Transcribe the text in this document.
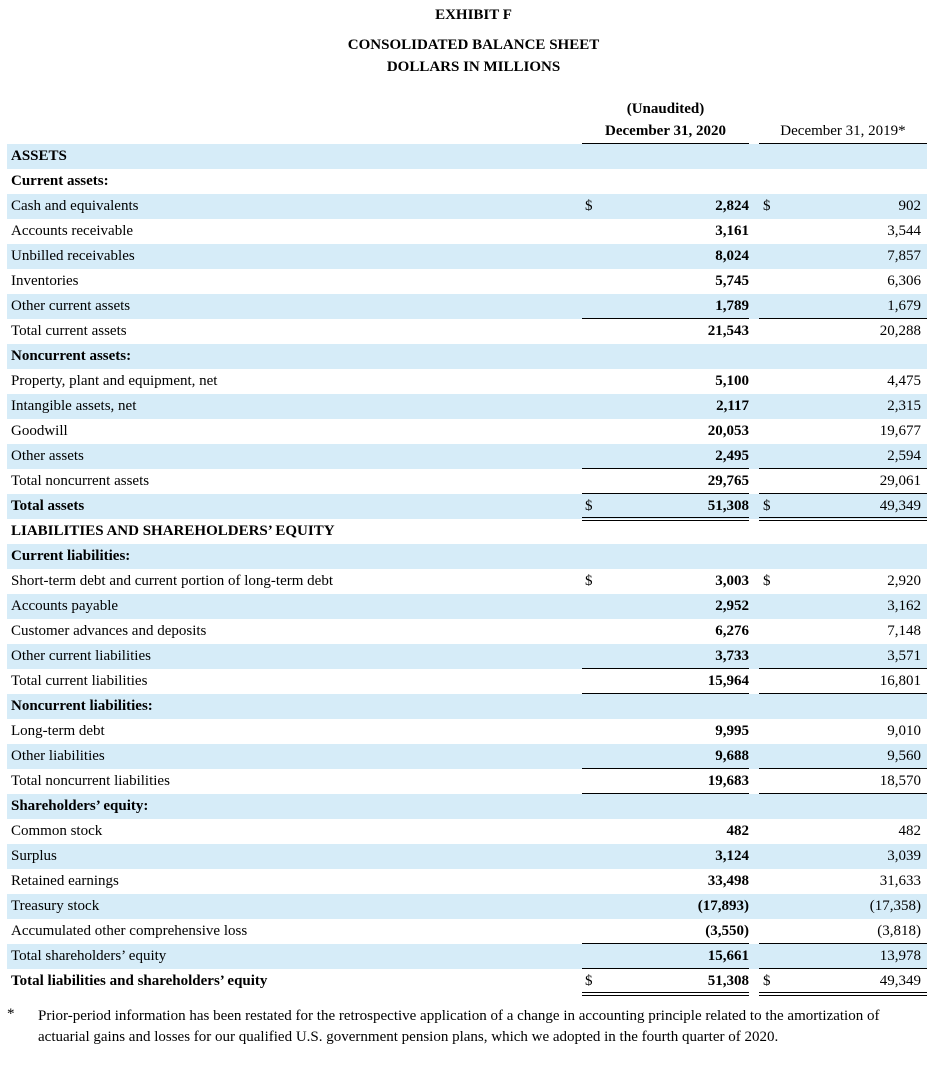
EXHIBIT F
CONSOLIDATED BALANCE SHEET
DOLLARS IN MILLIONS
(Unaudited)
December 31, 2020	December 31, 2019*
ASSETS
Current assets:
Cash and equivalents	$	2,824 $	902
Accounts receivable	3,161	3,544
Unbilled receivables	8,024	7,857
Inventories	5,745	6,306
Other current assets	1,789	1,679
Total current assets	21,543	20,288
Noncurrent assets:
Property, plant and equipment, net	5,100	4,475
Intangible assets, net	2,117	2,315
Goodwill	20,053	19,677
Other assets	2,495	2,594
Total noncurrent assets	29,765	29,061
Total assets	$	51,308 $	49,349
LIABILITIES AND SHAREHOLDERS’ EQUITY
Current liabilities:
Short-term debt and current portion of long-term debt	$	3,003 $	2,920
Accounts payable	2,952	3,162
Customer advances and deposits	6,276	7,148
Other current liabilities	3,733	3,571
Total current liabilities	15,964	16,801
Noncurrent liabilities:
Long-term debt	9,995	9,010
Other liabilities	9,688	9,560
Total noncurrent liabilities	19,683	18,570
Shareholders’ equity:
Common stock	482	482
Surplus	3,124	3,039
Retained earnings	33,498	31,633
Treasury stock	(17,893)	(17,358)
Accumulated other comprehensive loss	(3,550)	(3,818)
Total shareholders’ equity	15,661	13,978
Total liabilities and shareholders’ equity	$	51,308 $	49,349
* Prior-period information has been restated for the retrospective application of a change in accounting principle related to the amortization of actuarial gains and losses for our qualified U.S. government pension plans, which we adopted in the fourth quarter of 2020.
